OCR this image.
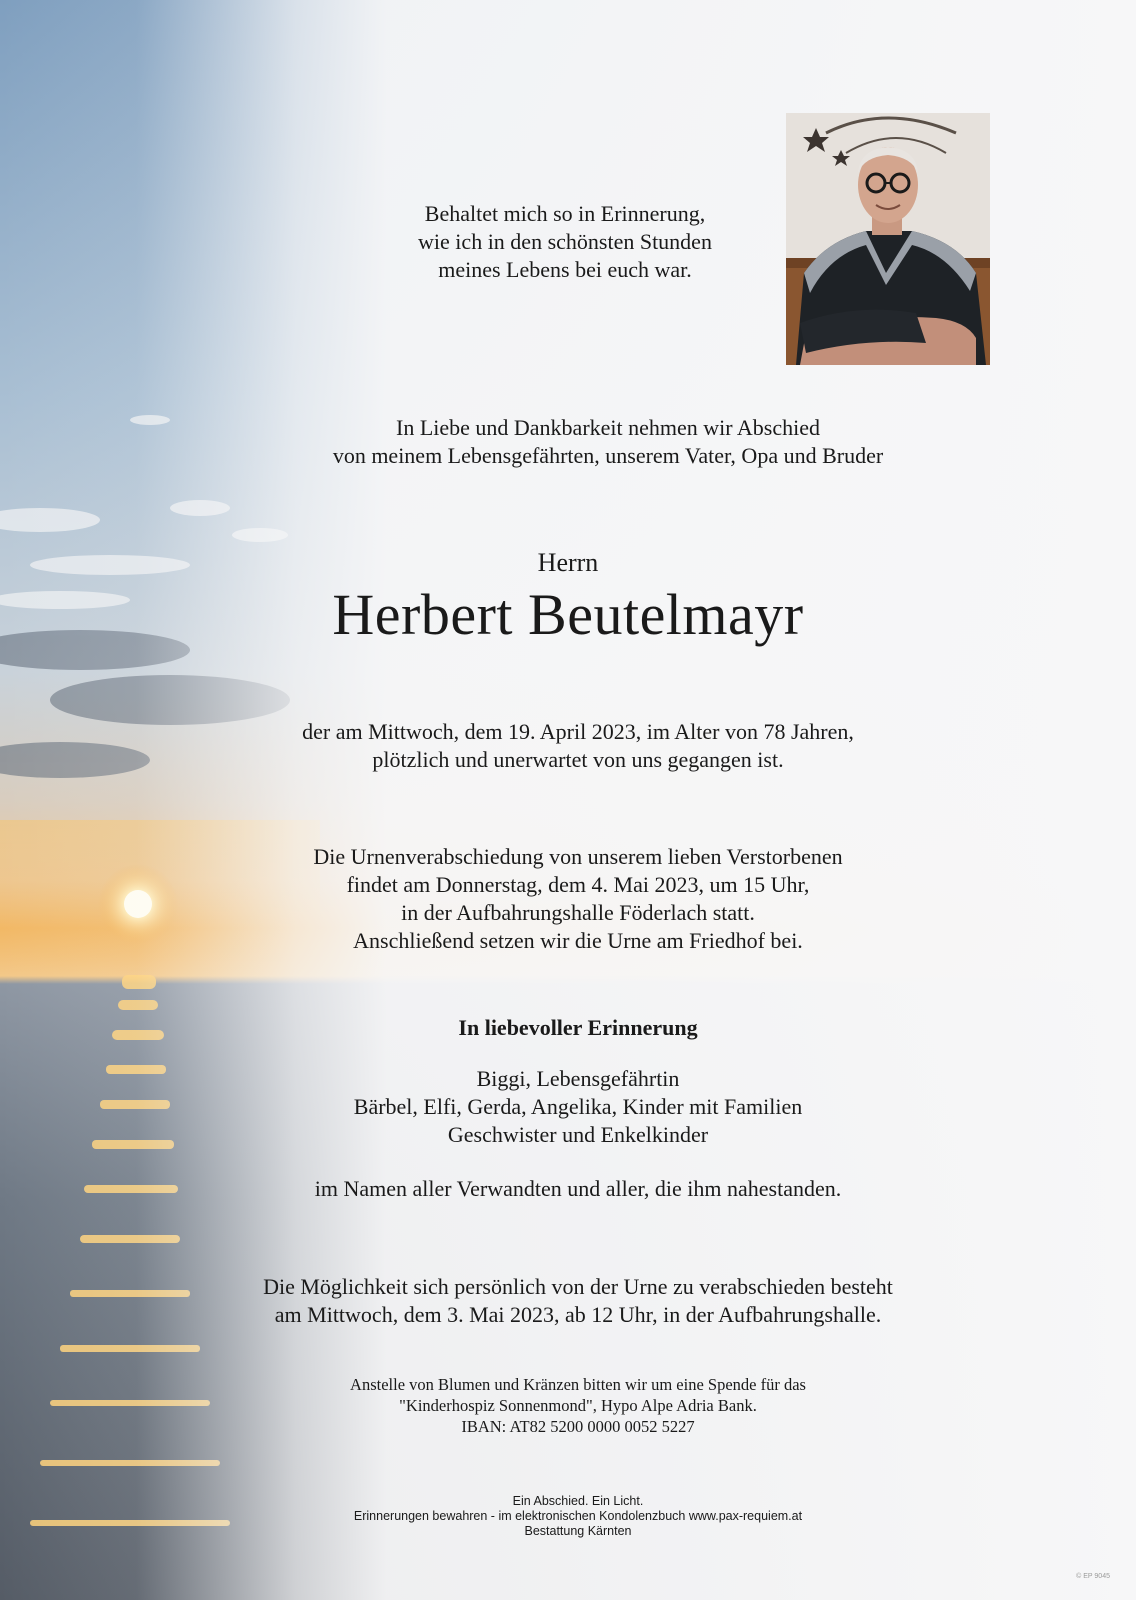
Behaltet mich so in Erinnerung,
wie ich in den schönsten Stunden
meines Lebens bei euch war.
In Liebe und Dankbarkeit nehmen wir Abschied
von meinem Lebensgefährten, unserem Vater, Opa und Bruder
Herrn
Herbert Beutelmayr
der am Mittwoch, dem 19. April 2023, im Alter von 78 Jahren,
plötzlich und unerwartet von uns gegangen ist.
Die Urnenverabschiedung von unserem lieben Verstorbenen
findet am Donnerstag, dem 4. Mai 2023, um 15 Uhr,
in der Aufbahrungshalle Föderlach statt.
Anschließend setzen wir die Urne am Friedhof bei.
In liebevoller Erinnerung
Biggi, Lebensgefährtin
Bärbel, Elfi, Gerda, Angelika, Kinder mit Familien
Geschwister und Enkelkinder
im Namen aller Verwandten und aller, die ihm nahestanden.
Die Möglichkeit sich persönlich von der Urne zu verabschieden besteht
am Mittwoch, dem 3. Mai 2023, ab 12 Uhr, in der Aufbahrungshalle.
Anstelle von Blumen und Kränzen bitten wir um eine Spende für das
"Kinderhospiz Sonnenmond", Hypo Alpe Adria Bank.
IBAN: AT82 5200 0000 0052 5227
Ein Abschied. Ein Licht.
Erinnerungen bewahren - im elektronischen Kondolenzbuch www.pax-requiem.at
Bestattung Kärnten
© EP 9045
